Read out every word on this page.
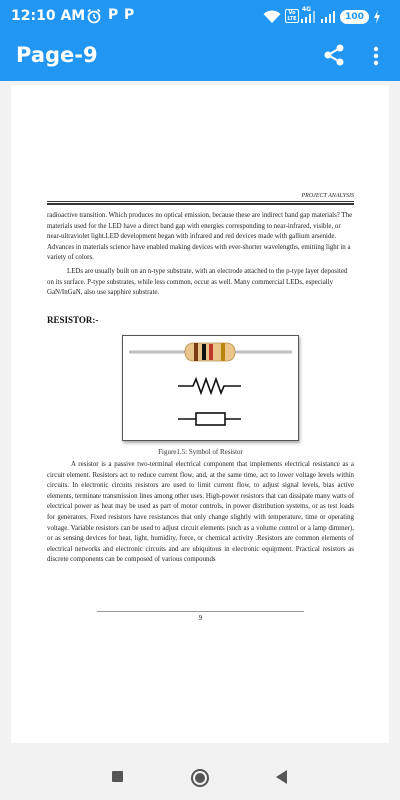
12:10 AM P P	Vo LTE
4G
100
Page-9
PROJECT ANALYSIS
radioactive transition. Which produces no optical emission, because these are indirect band gap materials? The materials used for the LED have a direct band gap with energies corresponding to near-infrared, visible, or near-ultraviolet light.LED development began with infrared and red devices made with gallium arsenide. Advances in materials science have enabled making devices with ever-shorter wavelengths, emitting light in a variety of colors.
LEDs are usually built on an n-type substrate, with an electrode attached to the p-type layer deposited on its surface. P-type substrates, while less common, occur as well. Many commercial LEDs, especially GaN/InGaN, also use sapphire substrate.
RESISTOR:-
Figure1.5: Symbol of Resistor
A resistor is a passive two-terminal electrical component that implements electrical resistance as a circuit element. Resistors act to reduce current flow, and, at the same time, act to lower voltage levels within circuits. In electronic circuits resistors are used to limit current flow, to adjust signal levels, bias active elements, terminate transmission lines among other uses. High-power resistors that can dissipate many watts of electrical power as heat may be used as part of motor controls, in power distribution systems, or as test loads for generators. Fixed resistors have resistances that only change slightly with temperature, time or operating voltage. Variable resistors can be used to adjust circuit elements (such as a volume control or a lamp dimmer), or as sensing devices for heat, light, humidity, force, or chemical activity .Resistors are common elements of electrical networks and electronic circuits and are ubiquitous in electronic equipment. Practical resistors as discrete components can be composed of various compounds
9
